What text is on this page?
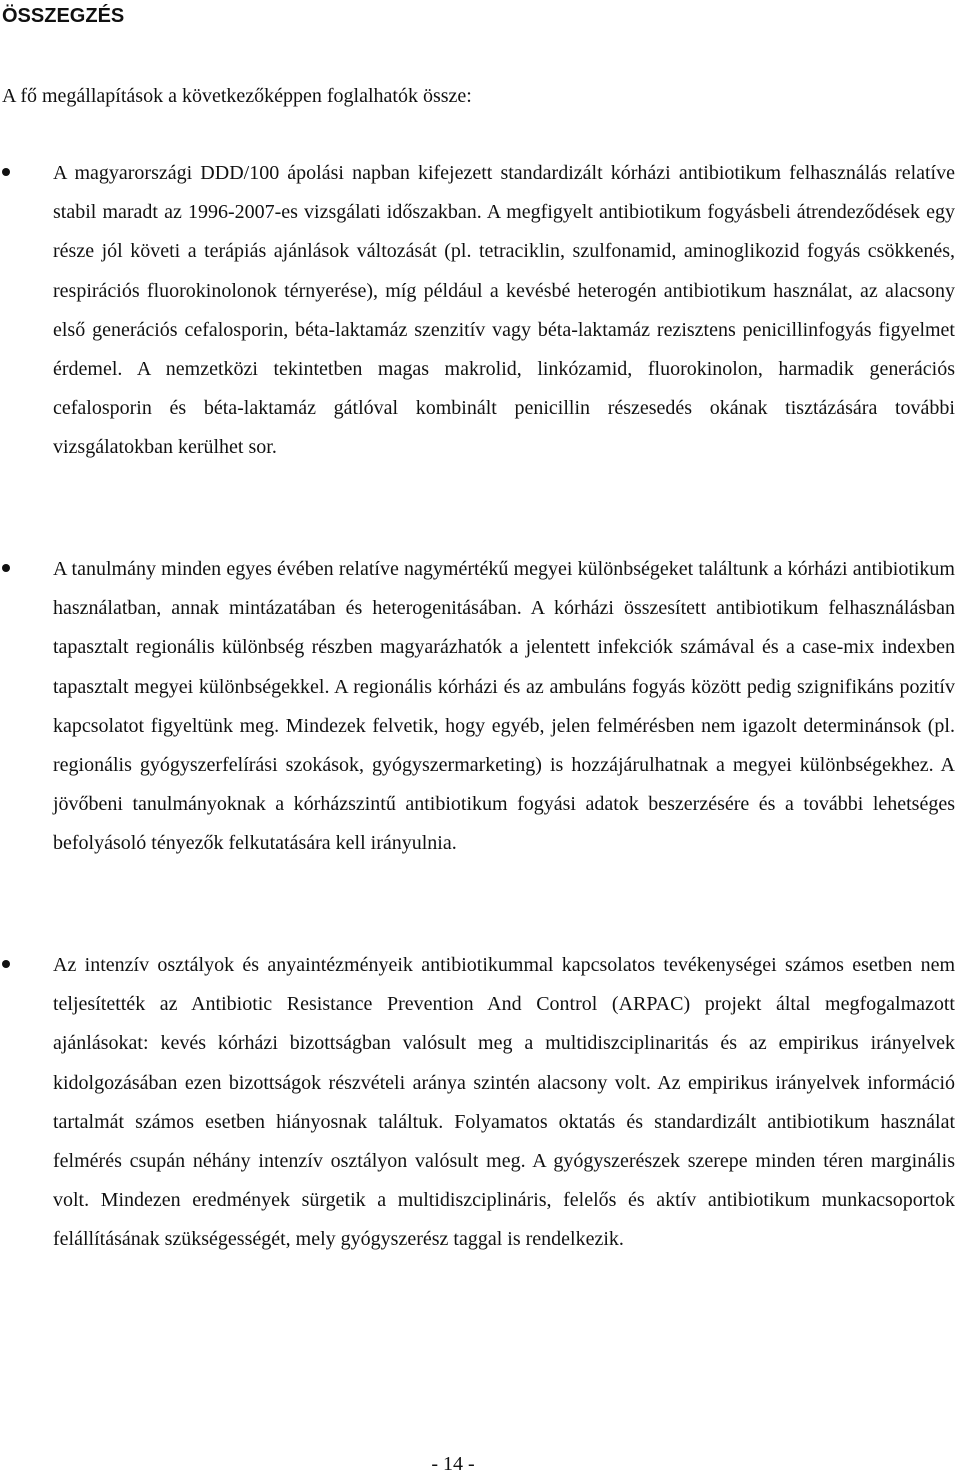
ÖSSZEGZÉS

A fő megállapítások a következőképpen foglalhatók össze:

A magyarországi DDD/100 ápolási napban kifejezett standardizált kórházi antibiotikum felhasználás relatíve stabil maradt az 1996-2007-es vizsgálati időszakban. A megfigyelt antibiotikum fogyásbeli átrendeződések egy része jól követi a terápiás ajánlások változását (pl. tetraciklin, szulfonamid, aminoglikozid fogyás csökkenés, respirációs fluorokinolonok térnyerése), míg például a kevésbé heterogén antibiotikum használat, az alacsony első generációs cefalosporin, béta-laktamáz szenzitív vagy béta-laktamáz rezisztens penicillinfogyás figyelmet érdemel. A nemzetközi tekintetben magas makrolid, linkózamid, fluorokinolon, harmadik generációs cefalosporin és béta-laktamáz gátlóval kombinált penicillin részesedés okának tisztázására további vizsgálatokban kerülhet sor.

A tanulmány minden egyes évében relatíve nagymértékű megyei különbségeket találtunk a kórházi antibiotikum használatban, annak mintázatában és heterogenitásában. A kórházi összesített antibiotikum felhasználásban tapasztalt regionális különbség részben magyarázhatók a jelentett infekciók számával és a case-mix indexben tapasztalt megyei különbségekkel. A regionális kórházi és az ambuláns fogyás között pedig szignifikáns pozitív kapcsolatot figyeltünk meg. Mindezek felvetik, hogy egyéb, jelen felmérésben nem igazolt determinánsok (pl. regionális gyógyszerfelírási szokások, gyógyszermarketing) is hozzájárulhatnak a megyei különbségekhez. A jövőbeni tanulmányoknak a kórházszintű antibiotikum fogyási adatok beszerzésére és a további lehetséges befolyásoló tényezők felkutatására kell irányulnia.

Az intenzív osztályok és anyaintézményeik antibiotikummal kapcsolatos tevékenységei számos esetben nem teljesítették az Antibiotic Resistance Prevention And Control (ARPAC) projekt által megfogalmazott ajánlásokat: kevés kórházi bizottságban valósult meg a multidiszciplinaritás és az empirikus irányelvek kidolgozásában ezen bizottságok részvételi aránya szintén alacsony volt. Az empirikus irányelvek információ tartalmát számos esetben hiányosnak találtuk. Folyamatos oktatás és standardizált antibiotikum használat felmérés csupán néhány intenzív osztályon valósult meg. A gyógyszerészek szerepe minden téren marginális volt. Mindezen eredmények sürgetik a multidiszciplináris, felelős és aktív antibiotikum munkacsoportok felállításának szükségességét, mely gyógyszerész taggal is rendelkezik.

- 14 -
